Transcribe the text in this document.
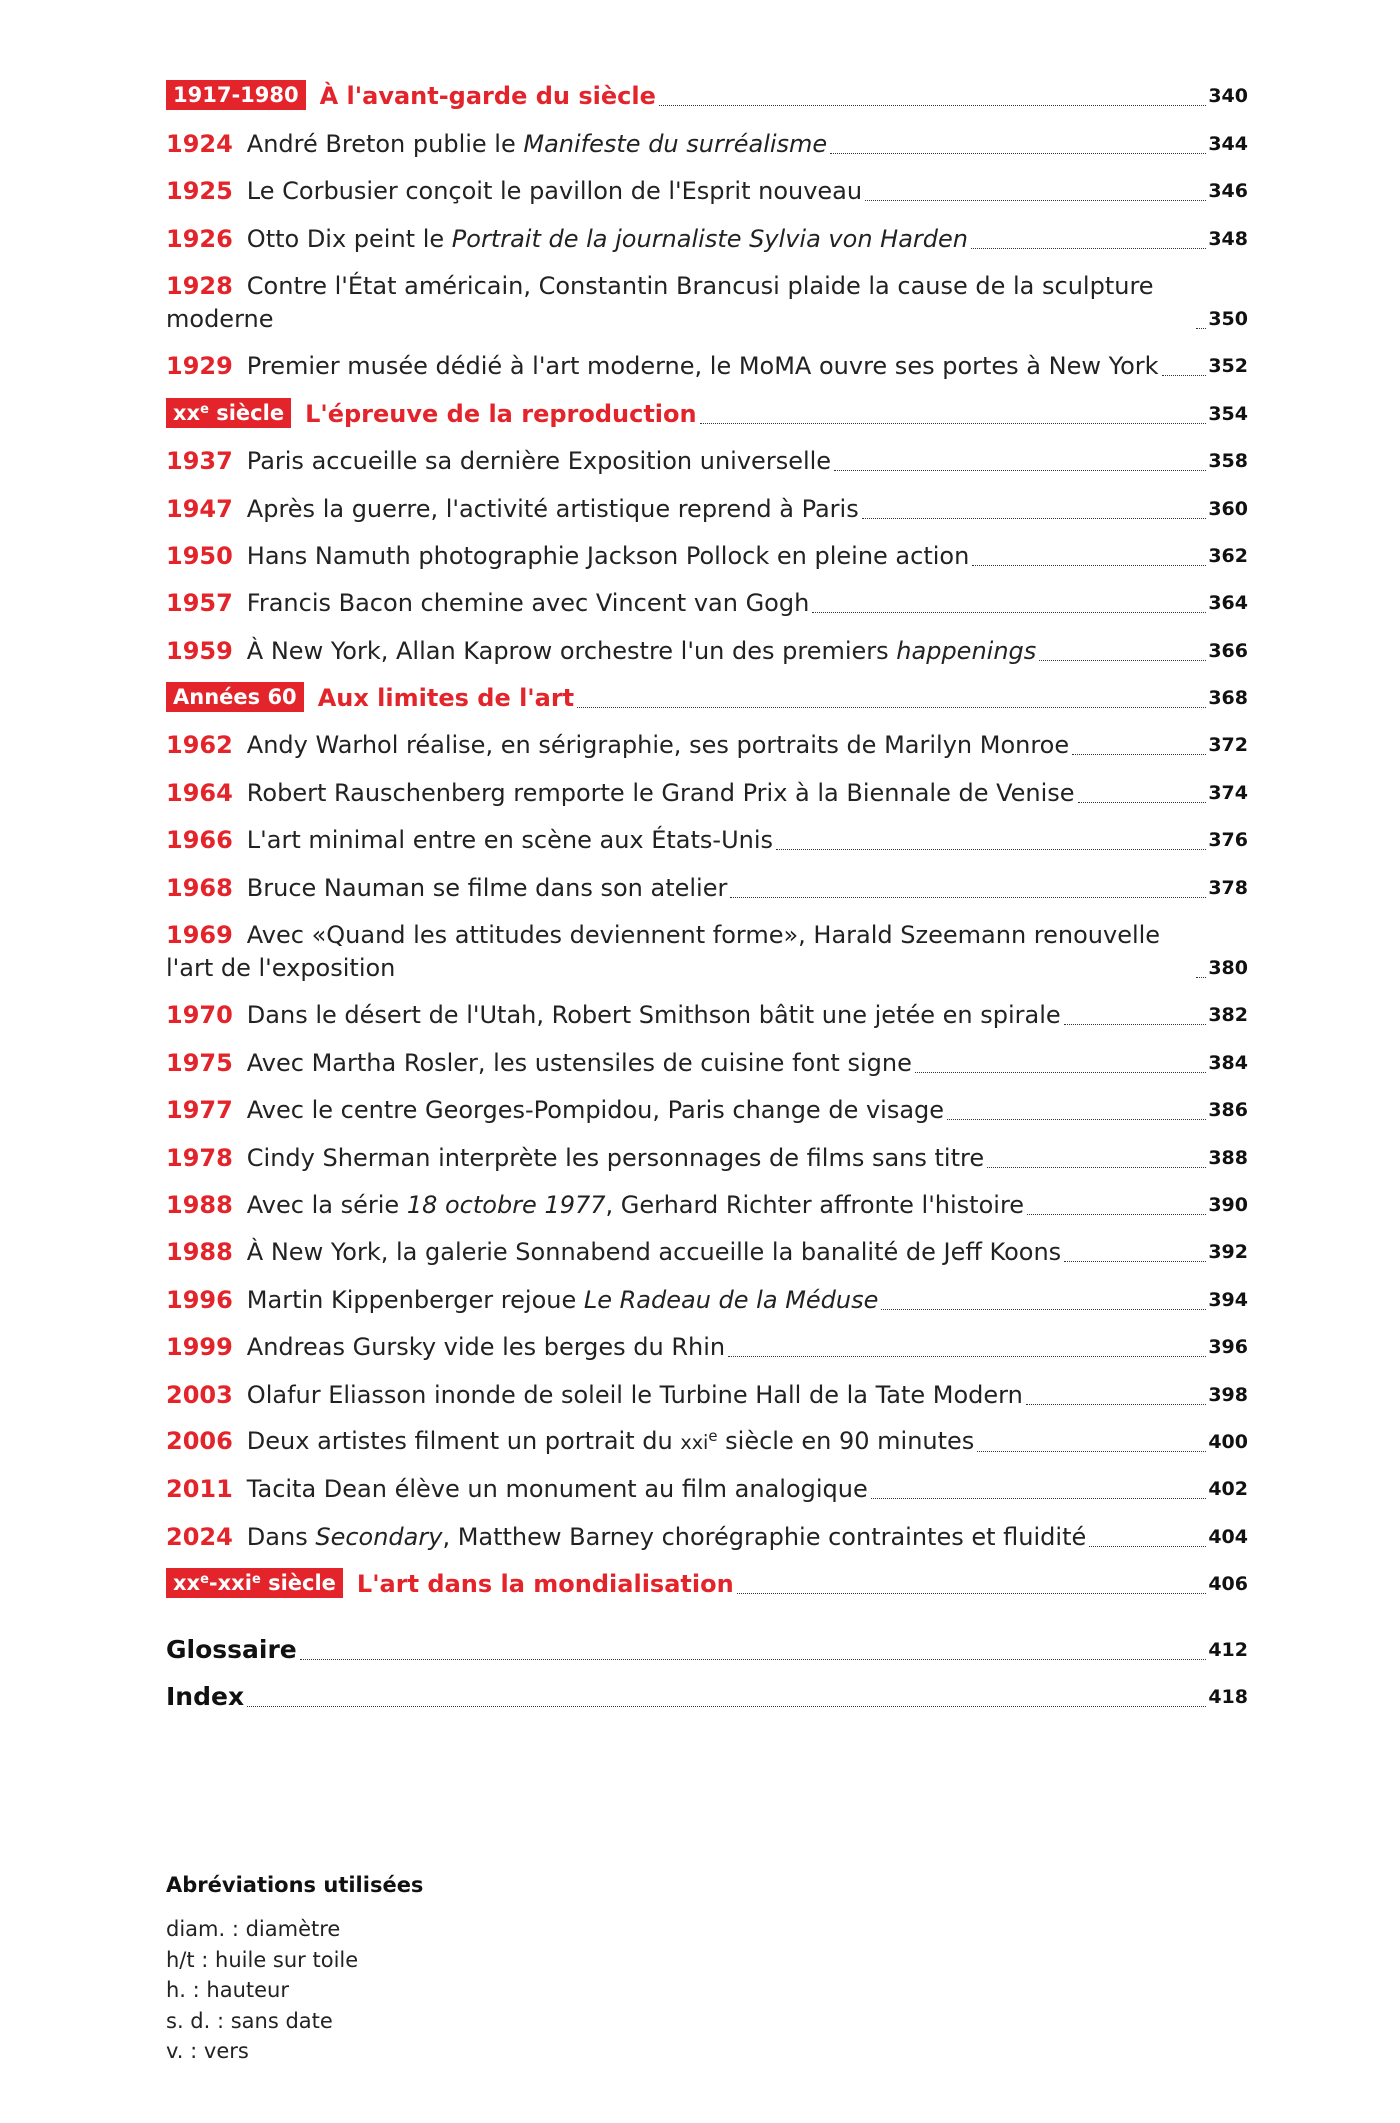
1917-1980 À l'avant-garde du siècle	340
1924 André Breton publie le Manifeste du surréalisme	344
1925 Le Corbusier conçoit le pavillon de l'Esprit nouveau	346
1926 Otto Dix peint le Portrait de la journaliste Sylvia von Harden	348
1928 Contre l'État américain, Constantin Brancusi plaide la cause de la sculpture moderne	350
1929 Premier musée dédié à l'art moderne, le MoMA ouvre ses portes à New York	352
$xx^e$ siècle L'épreuve de la reproduction	354
1937 Paris accueille sa dernière Exposition universelle	358
1947 Après la guerre, l'activité artistique reprend à Paris	360
1950 Hans Namuth photographie Jackson Pollock en pleine action	362
1957 Francis Bacon chemine avec Vincent van Gogh	364
1959 À New York, Allan Kaprow orchestre l'un des premiers happenings	366
Années 60 Aux limites de l'art	368
1962 Andy Warhol réalise, en sérigraphie, ses portraits de Marilyn Monroe	372
1964 Robert Rauschenberg remporte le Grand Prix à la Biennale de Venise	374
1966 L'art minimal entre en scène aux États-Unis	376
1968 Bruce Nauman se filme dans son atelier	378
1969 Avec «Quand les attitudes deviennent forme», Harald Szeemann renouvelle l'art de l'exposition	380
1970 Dans le désert de l'Utah, Robert Smithson bâtit une jetée en spirale	382
1975 Avec Martha Rosler, les ustensiles de cuisine font signe	384
1977 Avec le centre Georges-Pompidou, Paris change de visage	386
1978 Cindy Sherman interprète les personnages de films sans titre	388
1988 Avec la série 18 octobre 1977, Gerhard Richter affronte l'histoire	390
1988 À New York, la galerie Sonnabend accueille la banalité de Jeff Koons	392
1996 Martin Kippenberger rejoue Le Radeau de la Méduse	394
1999 Andreas Gursky vide les berges du Rhin	396
2003 Olafur Eliasson inonde de soleil le Turbine Hall de la Tate Modern	398
2006 Deux artistes filment un portrait du xxi$^e$ siècle en 90 minutes	400
2011 Tacita Dean élève un monument au film analogique	402
2024 Dans Secondary, Matthew Barney chorégraphie contraintes et fluidité	404
$xx^e-xxi^e$ siècle L'art dans la mondialisation	406
Glossaire	412
Index	418
Abréviations utilisées
diam. : diamètre
h/t : huile sur toile
h. : hauteur
s. d. : sans date
v. : vers
